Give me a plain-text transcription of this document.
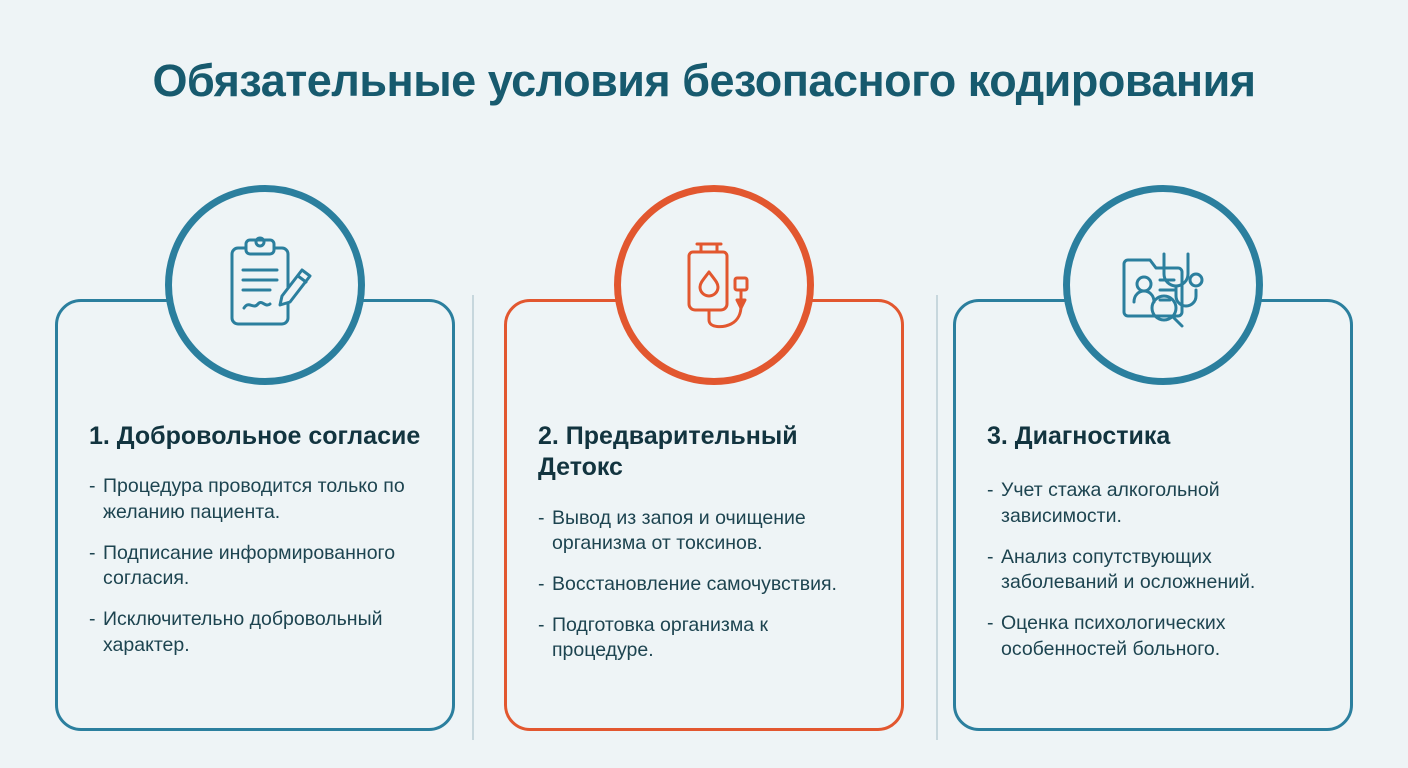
Обязательные условия безопасного кодирования
1. Добровольное согласие
- Процедура проводится только по желанию пациента.
- Подписание информированного согласия.
- Исключительно добровольный характер.
2. Предварительный Детокс
- Вывод из запоя и очищение организма от токсинов.
- Восстановление самочувствия.
- Подготовка организма к процедуре.
3. Диагностика
- Учет стажа алкогольной зависимости.
- Анализ сопутствующих заболеваний и осложнений.
- Оценка психологических особенностей больного.
